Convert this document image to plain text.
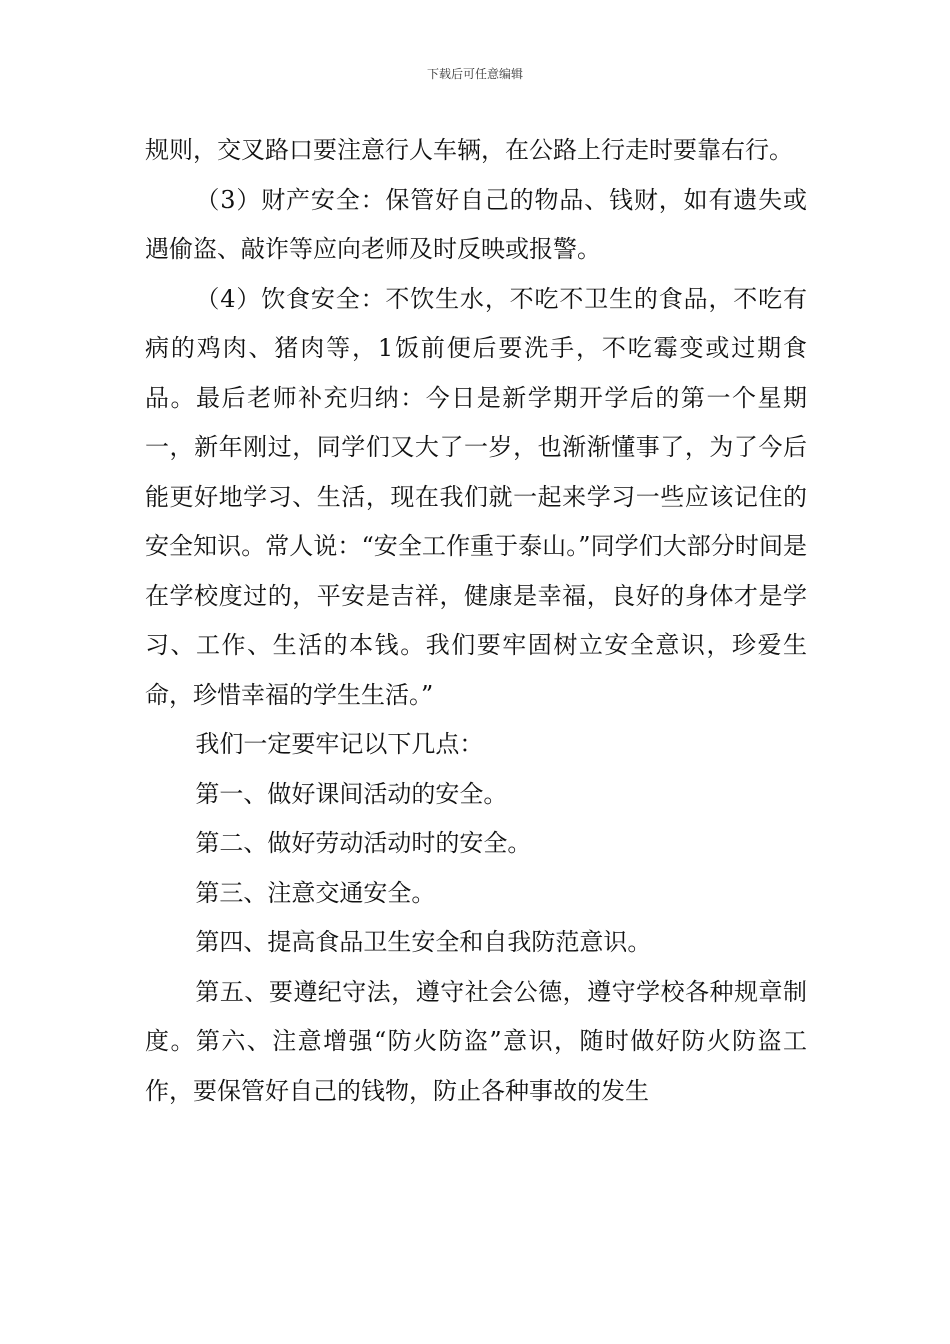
下载后可任意编辑

规则，交叉路口要注意行人车辆，在公路上行走时要靠右行。

（3）财产安全：保管好自己的物品、钱财，如有遗失或遇偷盗、敲诈等应向老师及时反映或报警。

（4）饮食安全：不饮生水，不吃不卫生的食品，不吃有病的鸡肉、猪肉等，1饭前便后要洗手，不吃霉变或过期食品。最后老师补充归纳：今日是新学期开学后的第一个星期一，新年刚过，同学们又大了一岁，也渐渐懂事了，为了今后能更好地学习、生活，现在我们就一起来学习一些应该记住的安全知识。常人说：“安全工作重于泰山。”同学们大部分时间是在学校度过的，平安是吉祥，健康是幸福，良好的身体才是学习、工作、生活的本钱。我们要牢固树立安全意识，珍爱生命，珍惜幸福的学生生活。”

我们一定要牢记以下几点：

第一、做好课间活动的安全。

第二、做好劳动活动时的安全。

第三、注意交通安全。

第四、提高食品卫生安全和自我防范意识。

第五、要遵纪守法，遵守社会公德，遵守学校各种规章制度。第六、注意增强“防火防盗”意识，随时做好防火防盗工作，要保管好自己的钱物，防止各种事故的发生
